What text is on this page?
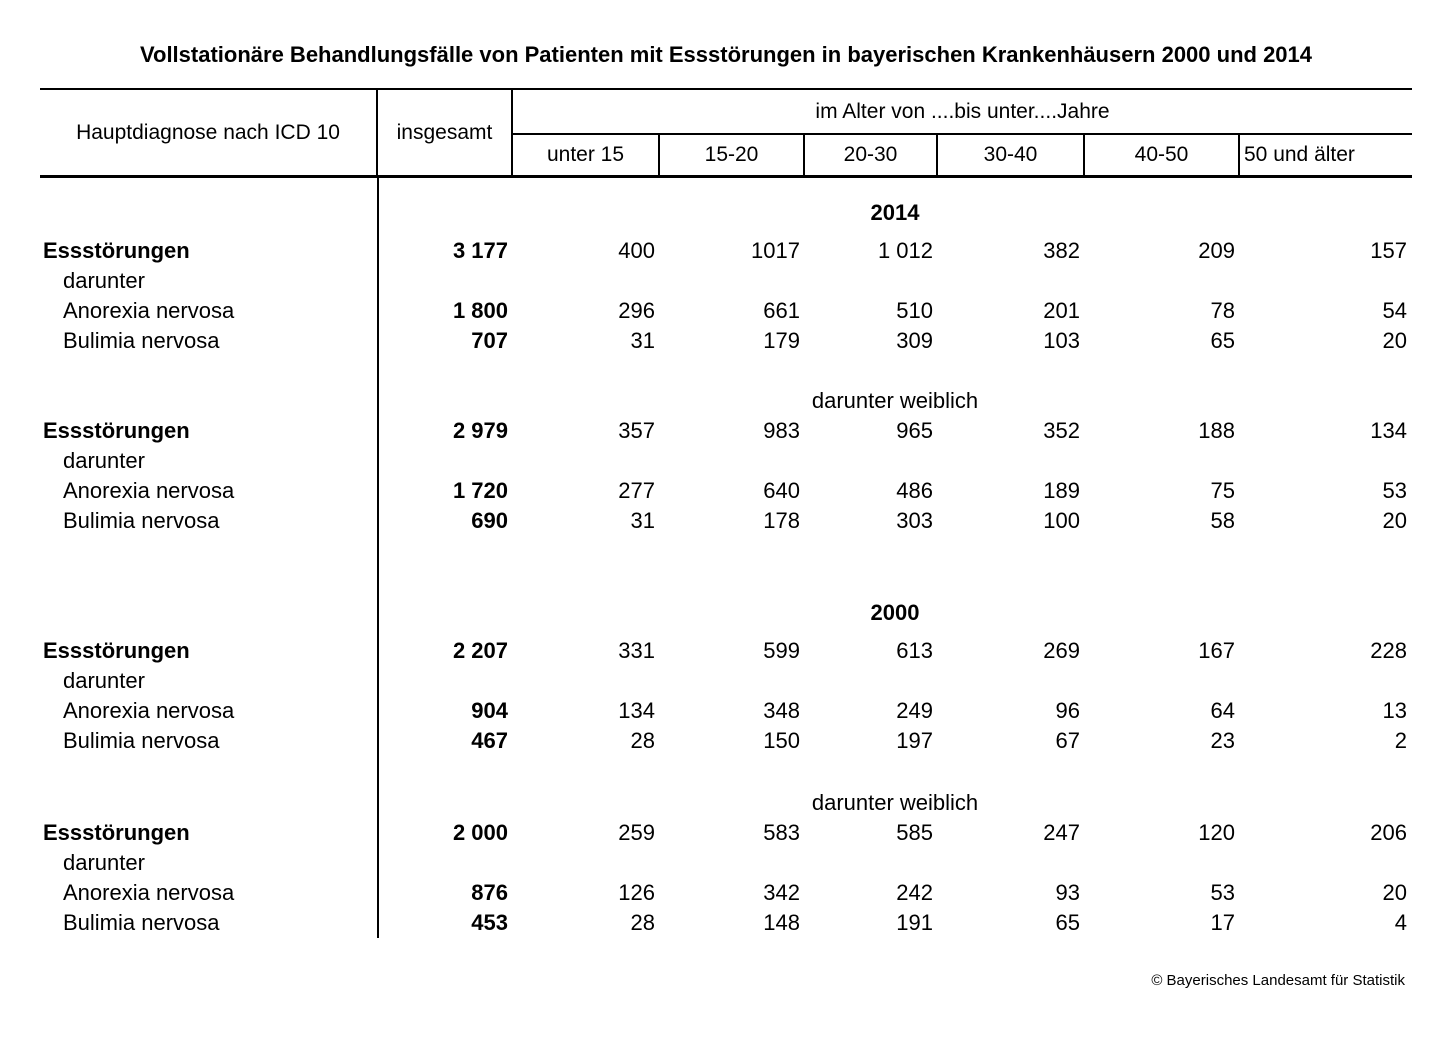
Vollstationäre Behandlungsfälle von Patienten mit Essstörungen in bayerischen Krankenhäusern 2000 und 2014
Hauptdiagnose nach ICD 10	insgesamt
im Alter von ....bis unter....Jahre
unter 15	15-20	20-30	30-40	40-50	50 und älter
2014
Essstörungen	3 177	400	1017	1 012	382	209	157
darunter
Anorexia nervosa	1 800	296	661	510	201	78	54
Bulimia nervosa	707	31	179	309	103	65	20
darunter weiblich
Essstörungen	2 979	357	983	965	352	188	134
darunter
Anorexia nervosa	1 720	277	640	486	189	75	53
Bulimia nervosa	690	31	178	303	100	58	20
2000
Essstörungen	2 207	331	599	613	269	167	228
darunter
Anorexia nervosa	904	134	348	249	96	64	13
Bulimia nervosa	467	28	150	197	67	23	2
darunter weiblich
Essstörungen	2 000	259	583	585	247	120	206
darunter
Anorexia nervosa	876	126	342	242	93	53	20
Bulimia nervosa	453	28	148	191	65	17	4
© Bayerisches Landesamt für Statistik
